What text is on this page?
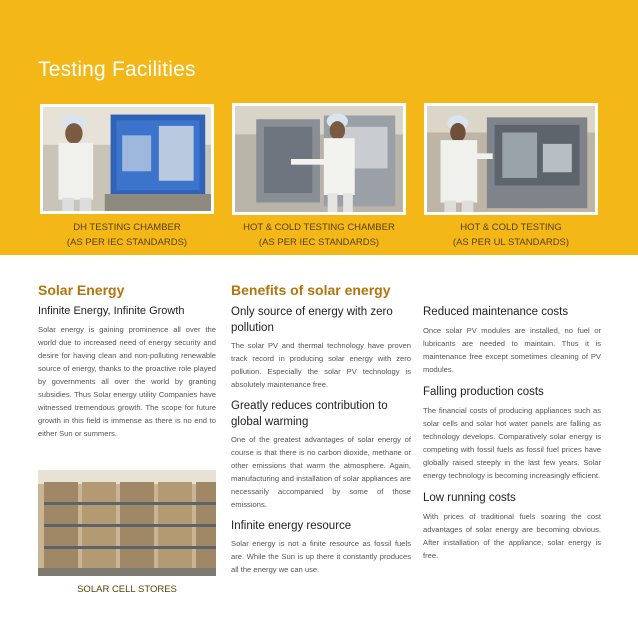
Testing Facilities
DH TESTING CHAMBER
(AS PER IEC STANDARDS)
HOT & COLD TESTING CHAMBER
(AS PER IEC STANDARDS)
HOT & COLD TESTING
(AS PER UL STANDARDS)
Solar Energy
Infinite Energy, Infinite Growth
Solar energy is gaining prominence all over the world due to increased need of energy security and desire for having clean and non-polluting renewable source of energy, thanks to the proactive role played by governments all over the world by granting subsidies. Thus Solar energy utility Companies have witnessed tremendous growth. The scope for future growth in this field is immense as there is no end to either Sun or summers.
SOLAR CELL STORES
Benefits of solar energy
Only source of energy with zero pollution
The solar PV and thermal technology have proven track record in producing solar energy with zero pollution. Especially the solar PV technology is absolutely maintenance free.
Greatly reduces contribution to global warming
One of the greatest advantages of solar energy of course is that there is no carbon dioxide, methane or other emissions that warm the atmosphere. Again, manufacturing and installation of solar appliances are necessarily accompanied by some of those emissions.
Infinite energy resource
Solar energy is not a finite resource as fossil fuels are. While the Sun is up there it constantly produces all the energy we can use.
Reduced maintenance costs
Once solar PV modules are installed, no fuel or lubricants are needed to maintain. Thus it is maintenance free except sometimes cleaning of PV modules.
Falling production costs
The financial costs of producing appliances such as solar cells and solar hot water panels are falling as technology develops. Comparatively solar energy is competing with fossil fuels as fossil fuel prices have globally raised steeply in the last few years. Solar energy technology is becoming increasingly efficient.
Low running costs
With prices of traditional fuels soaring the cost advantages of solar energy are becoming obvious. After installation of the appliance, solar energy is free.
